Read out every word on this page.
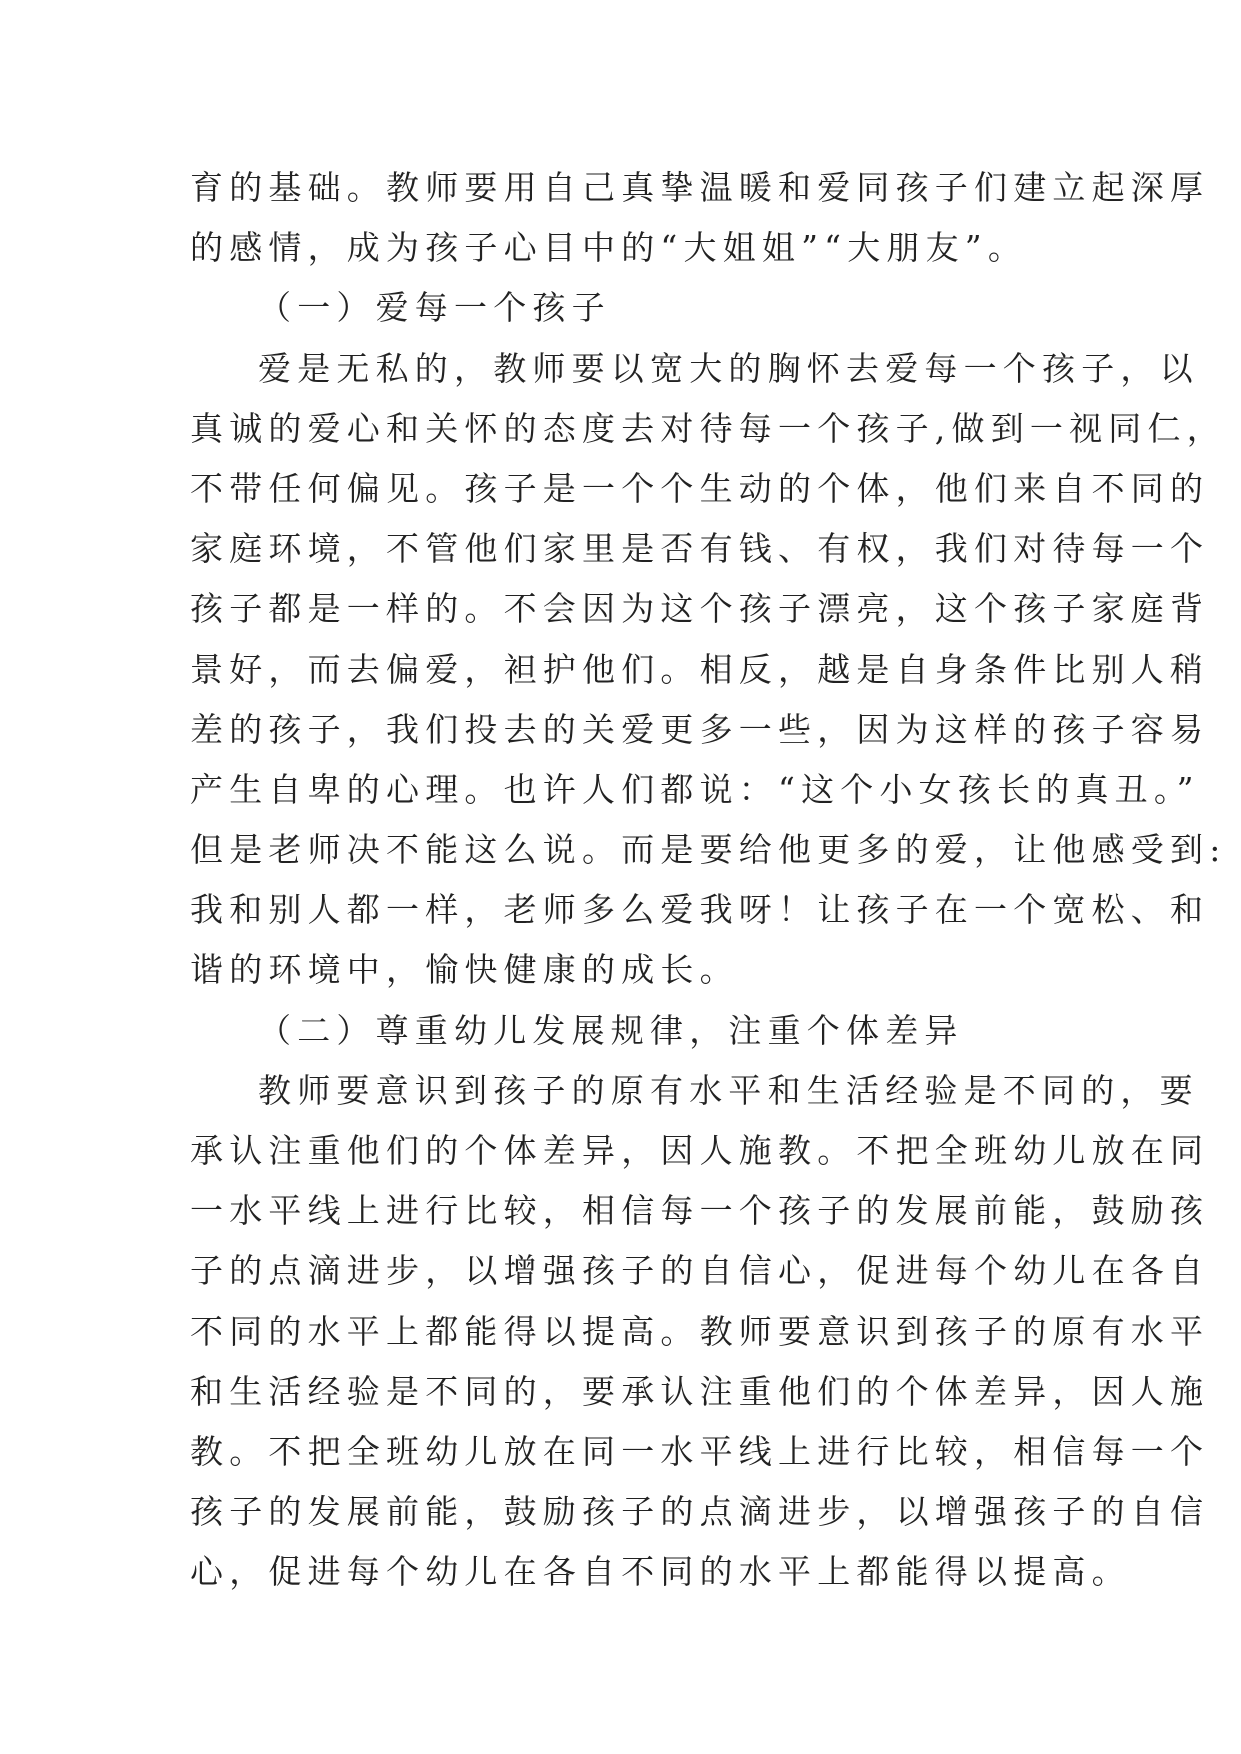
育的基础。教师要用自己真挚温暖和爱同孩子们建立起深厚
的感情，成为孩子心目中的“大姐姐”“大朋友”。
（一）爱每一个孩子
爱是无私的，教师要以宽大的胸怀去爱每一个孩子，以
真诚的爱心和关怀的态度去对待每一个孩子,做到一视同仁，
不带任何偏见。孩子是一个个生动的个体，他们来自不同的
家庭环境，不管他们家里是否有钱、有权，我们对待每一个
孩子都是一样的。不会因为这个孩子漂亮，这个孩子家庭背
景好，而去偏爱，袒护他们。相反，越是自身条件比别人稍
差的孩子，我们投去的关爱更多一些，因为这样的孩子容易
产生自卑的心理。也许人们都说：“这个小女孩长的真丑。”
但是老师决不能这么说。而是要给他更多的爱，让他感受到:
我和别人都一样，老师多么爱我呀！让孩子在一个宽松、和
谐的环境中，愉快健康的成长。
（二）尊重幼儿发展规律，注重个体差异
教师要意识到孩子的原有水平和生活经验是不同的，要
承认注重他们的个体差异，因人施教。不把全班幼儿放在同
一水平线上进行比较，相信每一个孩子的发展前能，鼓励孩
子的点滴进步，以增强孩子的自信心，促进每个幼儿在各自
不同的水平上都能得以提高。教师要意识到孩子的原有水平
和生活经验是不同的，要承认注重他们的个体差异，因人施
教。不把全班幼儿放在同一水平线上进行比较，相信每一个
孩子的发展前能，鼓励孩子的点滴进步，以增强孩子的自信
心，促进每个幼儿在各自不同的水平上都能得以提高。
